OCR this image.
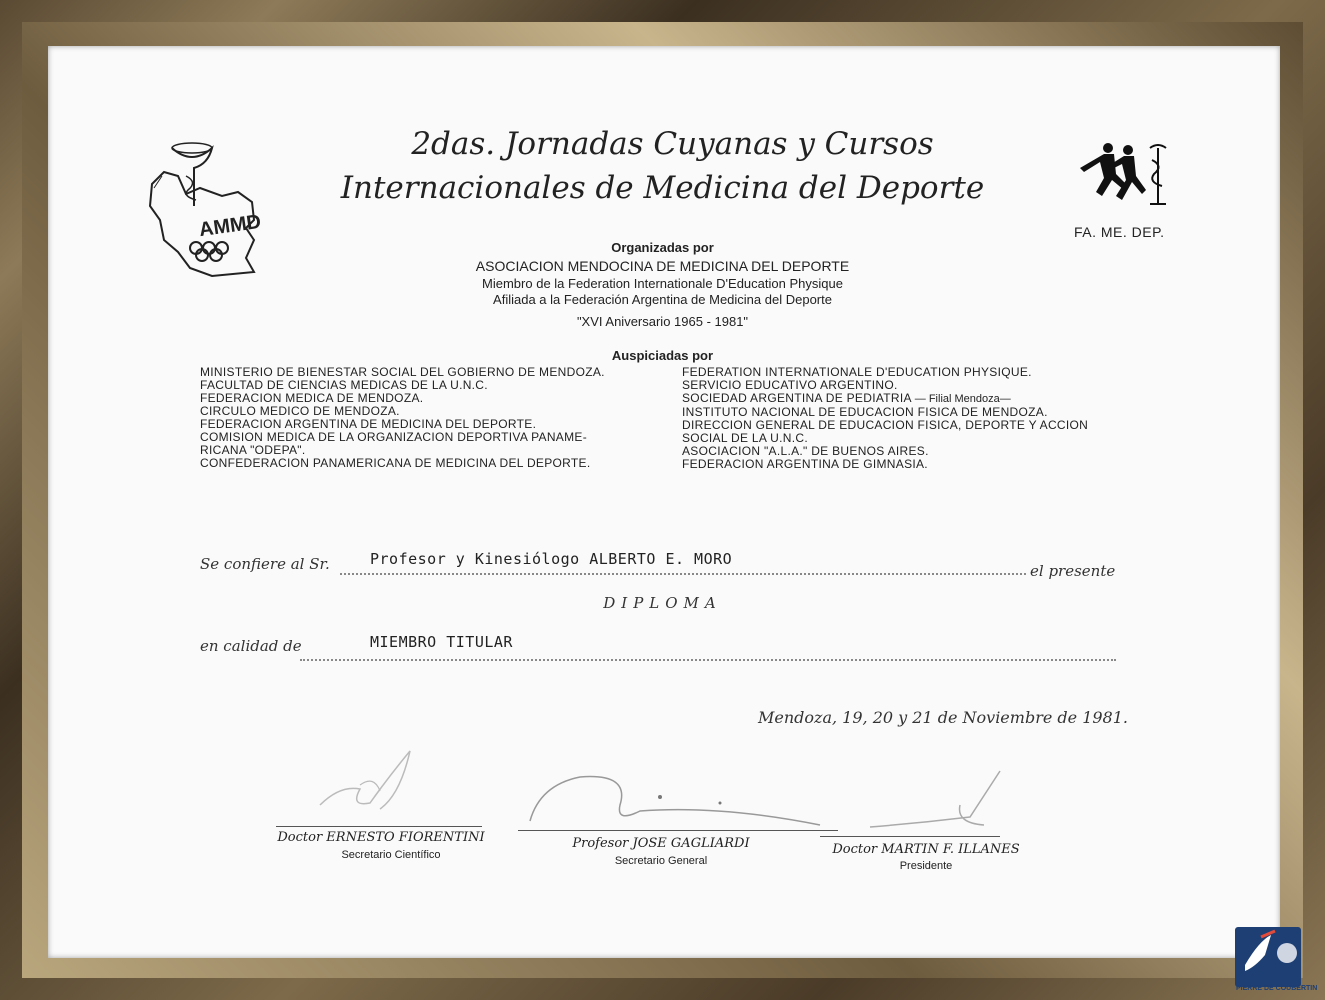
AMMD	FA. ME. DEP.
2das. Jornadas Cuyanas y Cursos
Internacionales de Medicina del Deporte
Organizadas por
ASOCIACION MENDOCINA DE MEDICINA DEL DEPORTE
Miembro de la Federation Internationale D'Education Physique
Afiliada a la Federación Argentina de Medicina del Deporte
"XVI Aniversario 1965 - 1981"
Auspiciadas por
MINISTERIO DE BIENESTAR SOCIAL DEL GOBIERNO DE MENDOZA.
FACULTAD DE CIENCIAS MEDICAS DE LA U.N.C.
FEDERACION MEDICA DE MENDOZA.
CIRCULO MEDICO DE MENDOZA.
FEDERACION ARGENTINA DE MEDICINA DEL DEPORTE.
COMISION MEDICA DE LA ORGANIZACION DEPORTIVA PANAME-
RICANA "ODEPA".
CONFEDERACION PANAMERICANA DE MEDICINA DEL DEPORTE.
FEDERATION INTERNATIONALE D'EDUCATION PHYSIQUE.
SERVICIO EDUCATIVO ARGENTINO.
SOCIEDAD ARGENTINA DE PEDIATRIA — Filial Mendoza—
INSTITUTO NACIONAL DE EDUCACION FISICA DE MENDOZA.
DIRECCION GENERAL DE EDUCACION FISICA, DEPORTE Y ACCION
SOCIAL DE LA U.N.C.
ASOCIACION "A.L.A." DE BUENOS AIRES.
FEDERACION ARGENTINA DE GIMNASIA.
Se confiere al Sr.	Profesor y Kinesiólogo ALBERTO E. MORO
el presente
DIPLOMA
en calidad de	MIEMBRO TITULAR
Mendoza, 19, 20 y 21 de Noviembre de 1981.
Doctor ERNESTO FIORENTINI
Secretario Científico
Profesor JOSE GAGLIARDI
Secretario General
Doctor MARTIN F. ILLANES
Presidente
PIERRE DE COUBERTIN
